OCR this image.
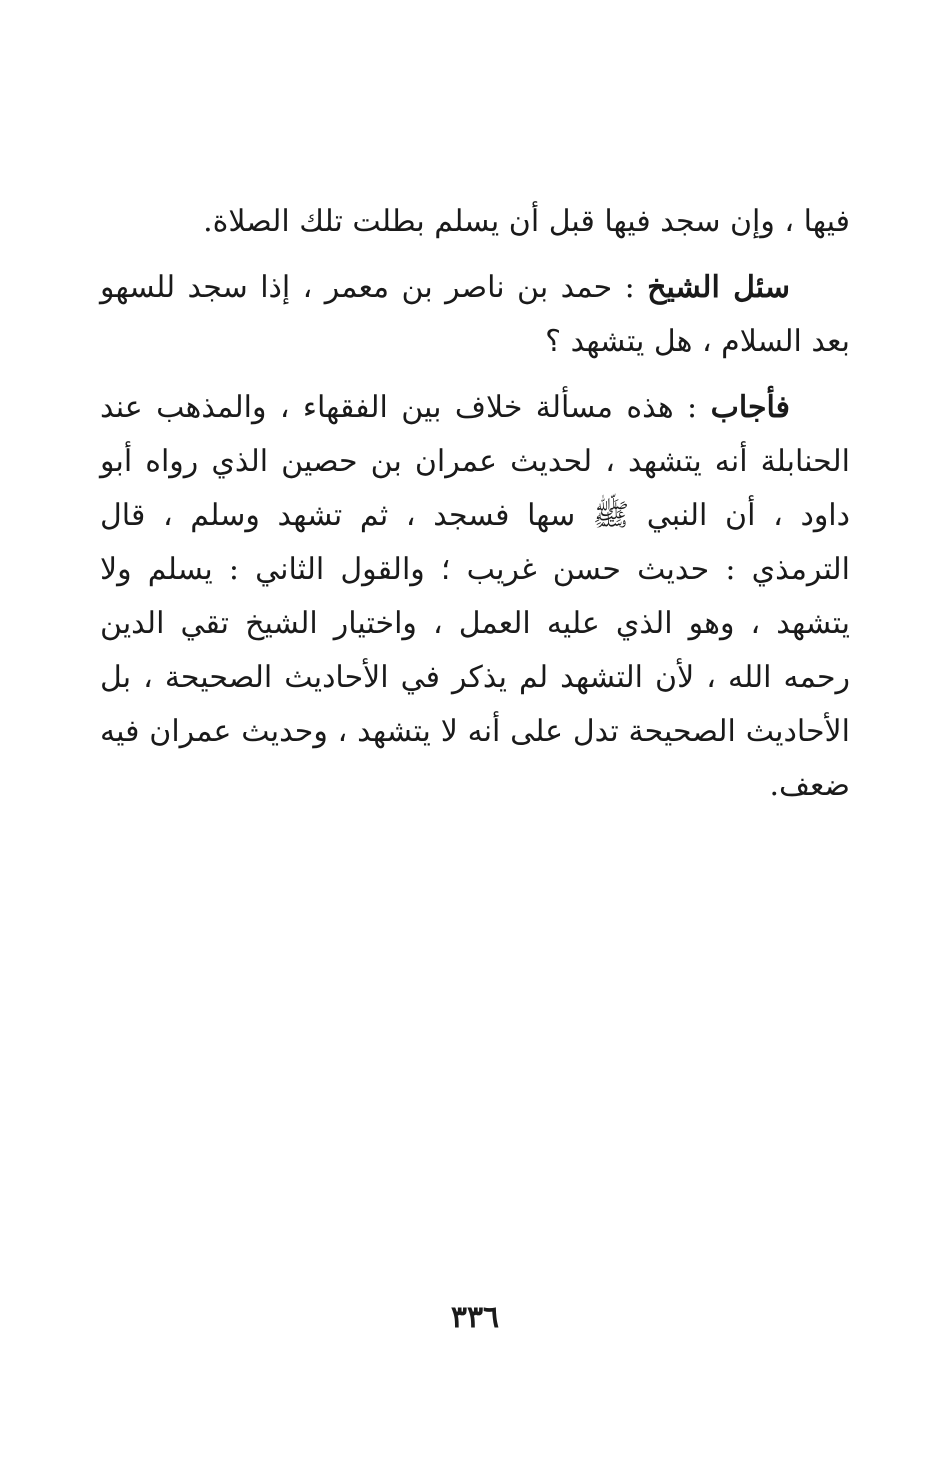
فيها ، وإن سجد فيها قبل أن يسلم بطلت تلك الصلاة.

سئل الشيخ : حمد بن ناصر بن معمر ، إذا سجد للسهو بعد السلام ، هل يتشهد ؟

فأجاب : هذه مسألة خلاف بين الفقهاء ، والمذهب عند الحنابلة أنه يتشهد ، لحديث عمران بن حصين الذي رواه أبو داود ، أن النبي ﷺ سها فسجد ، ثم تشهد وسلم ، قال الترمذي : حديث حسن غريب ؛ والقول الثاني : يسلم ولا يتشهد ، وهو الذي عليه العمل ، واختيار الشيخ تقي الدين رحمه الله ، لأن التشهد لم يذكر في الأحاديث الصحيحة ، بل الأحاديث الصحيحة تدل على أنه لا يتشهد ، وحديث عمران فيه ضعف.

٣٣٦
